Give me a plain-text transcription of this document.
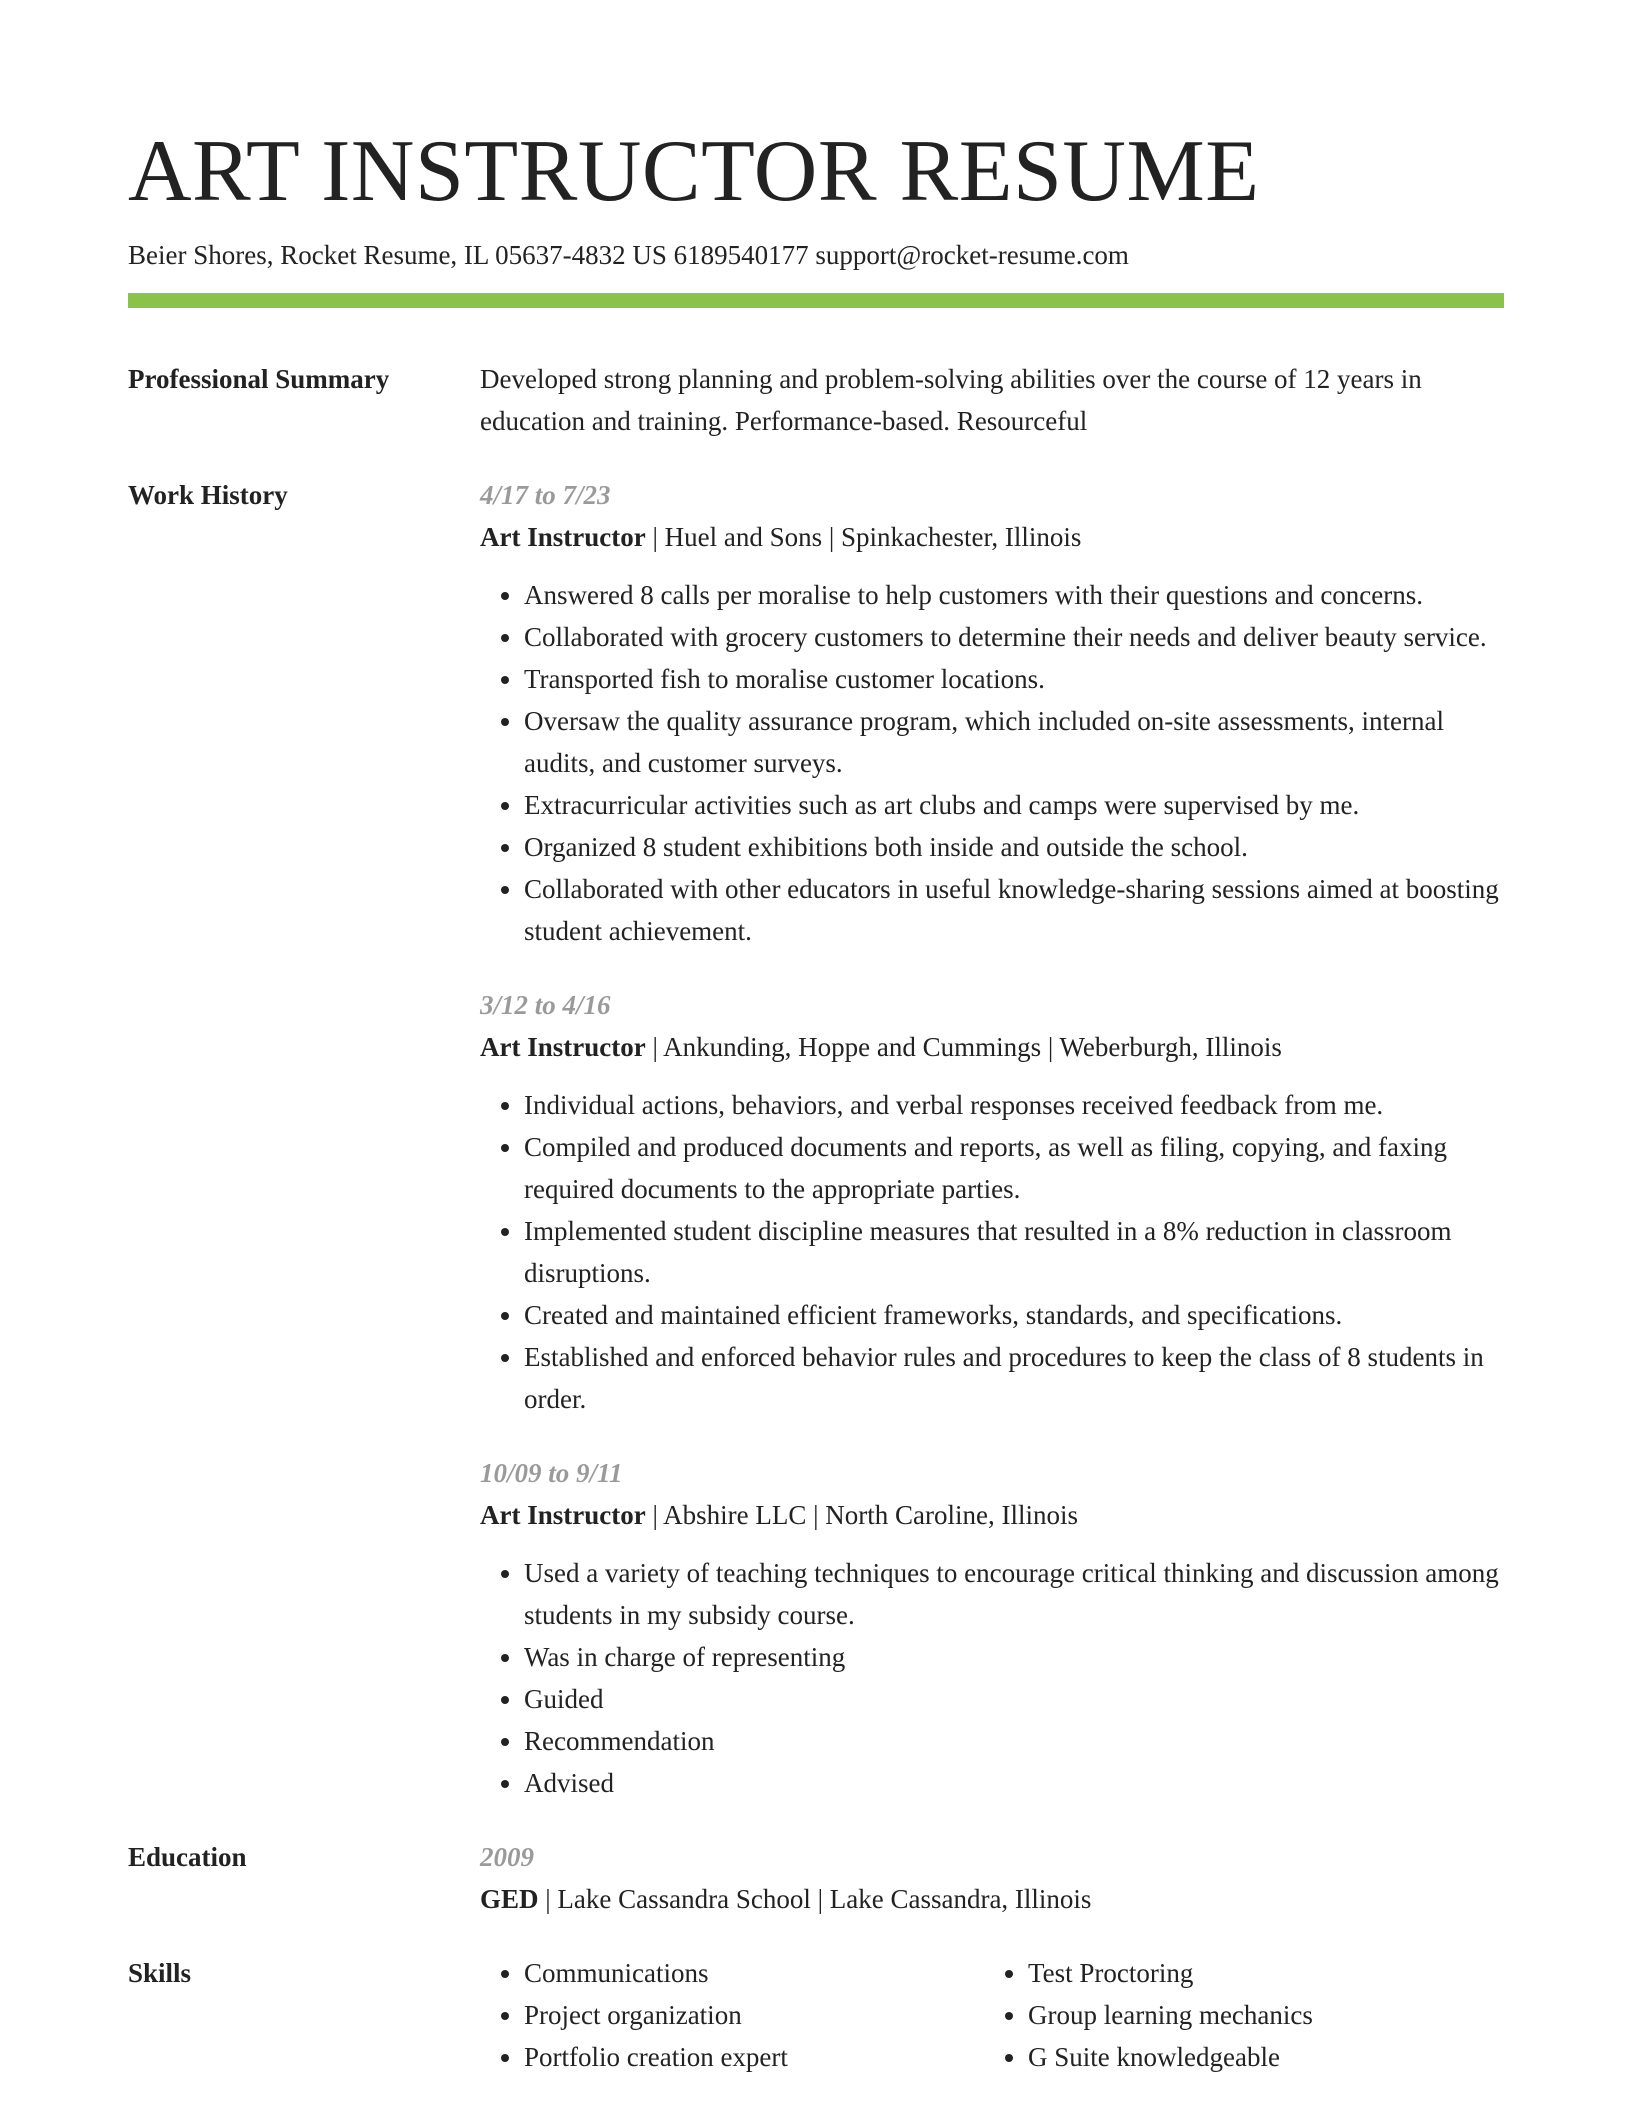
ART INSTRUCTOR RESUME
Beier Shores, Rocket Resume, IL 05637-4832 US 6189540177 support@rocket-resume.com
Professional Summary	Developed strong planning and problem-solving abilities over the course of 12 years in education and training. Performance-based. Resourceful
Work History	4/17 to 7/23
Art Instructor | Huel and Sons | Spinkachester, Illinois
• Answered 8 calls per moralise to help customers with their questions and concerns.
• Collaborated with grocery customers to determine their needs and deliver beauty service.
• Transported fish to moralise customer locations.
• Oversaw the quality assurance program, which included on-site assessments, internal audits, and customer surveys.
• Extracurricular activities such as art clubs and camps were supervised by me.
• Organized 8 student exhibitions both inside and outside the school.
• Collaborated with other educators in useful knowledge-sharing sessions aimed at boosting student achievement.
3/12 to 4/16
Art Instructor | Ankunding, Hoppe and Cummings | Weberburgh, Illinois
• Individual actions, behaviors, and verbal responses received feedback from me.
• Compiled and produced documents and reports, as well as filing, copying, and faxing required documents to the appropriate parties.
• Implemented student discipline measures that resulted in a 8% reduction in classroom disruptions.
• Created and maintained efficient frameworks, standards, and specifications.
• Established and enforced behavior rules and procedures to keep the class of 8 students in order.
10/09 to 9/11
Art Instructor | Abshire LLC | North Caroline, Illinois
• Used a variety of teaching techniques to encourage critical thinking and discussion among students in my subsidy course.
• Was in charge of representing
• Guided
• Recommendation
• Advised
Education	2009
GED | Lake Cassandra School | Lake Cassandra, Illinois
Skills
•	Communications
• Project organization
• Portfolio creation expert
• Test Proctoring
• Group learning mechanics
• G Suite knowledgeable
